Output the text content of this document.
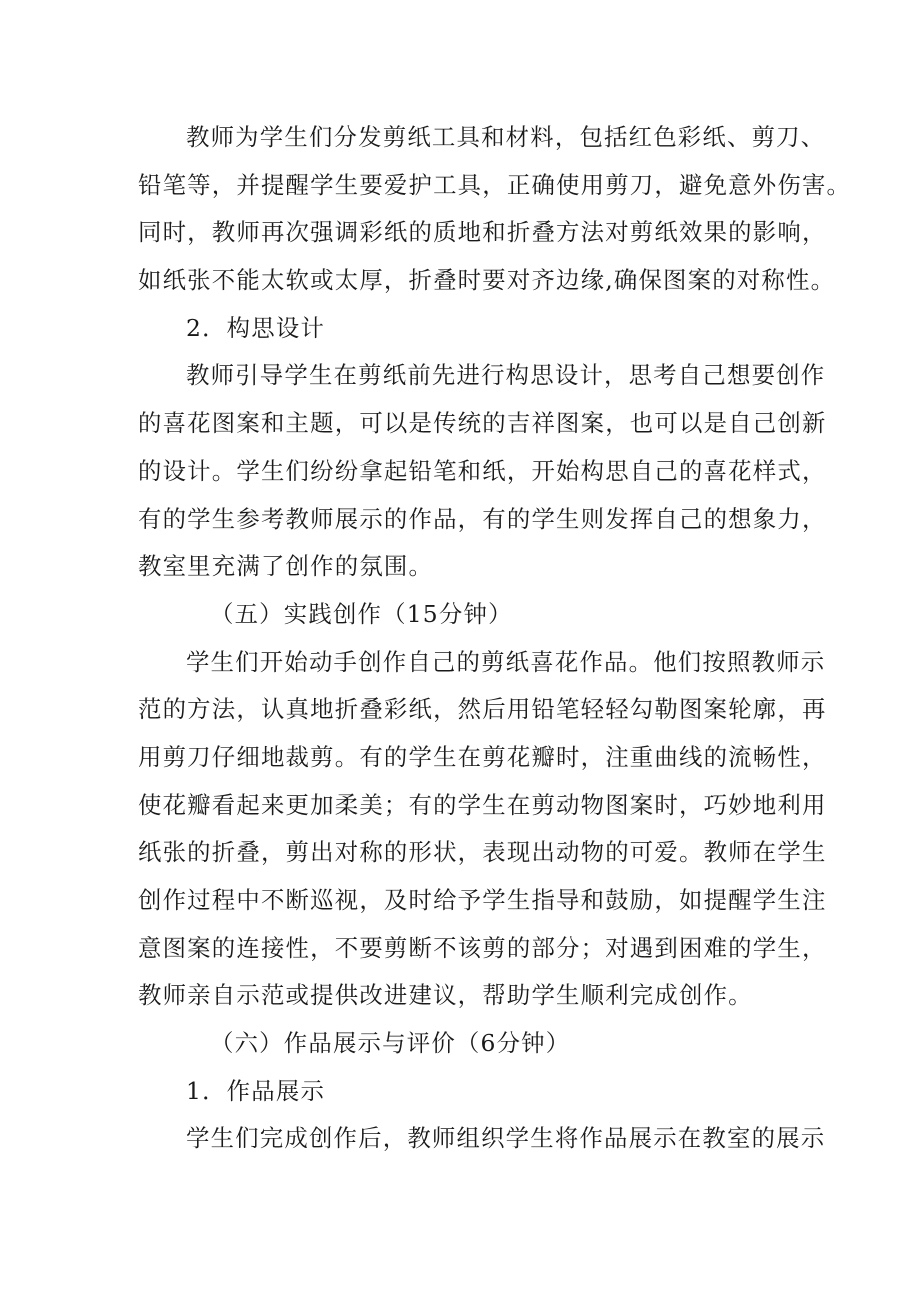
教师为学生们分发剪纸工具和材料，包括红色彩纸、剪刀、
铅笔等，并提醒学生要爱护工具，正确使用剪刀，避免意外伤害。
同时，教师再次强调彩纸的质地和折叠方法对剪纸效果的影响，
如纸张不能太软或太厚，折叠时要对齐边缘,确保图案的对称性。
2．构思设计
教师引导学生在剪纸前先进行构思设计，思考自己想要创作
的喜花图案和主题，可以是传统的吉祥图案，也可以是自己创新
的设计。学生们纷纷拿起铅笔和纸，开始构思自己的喜花样式，
有的学生参考教师展示的作品，有的学生则发挥自己的想象力，
教室里充满了创作的氛围。
（五）实践创作（15分钟）
学生们开始动手创作自己的剪纸喜花作品。他们按照教师示
范的方法，认真地折叠彩纸，然后用铅笔轻轻勾勒图案轮廓，再
用剪刀仔细地裁剪。有的学生在剪花瓣时，注重曲线的流畅性，
使花瓣看起来更加柔美；有的学生在剪动物图案时，巧妙地利用
纸张的折叠，剪出对称的形状，表现出动物的可爱。教师在学生
创作过程中不断巡视，及时给予学生指导和鼓励，如提醒学生注
意图案的连接性，不要剪断不该剪的部分；对遇到困难的学生，
教师亲自示范或提供改进建议，帮助学生顺利完成创作。
（六）作品展示与评价（6分钟）
1．作品展示
学生们完成创作后，教师组织学生将作品展示在教室的展示
